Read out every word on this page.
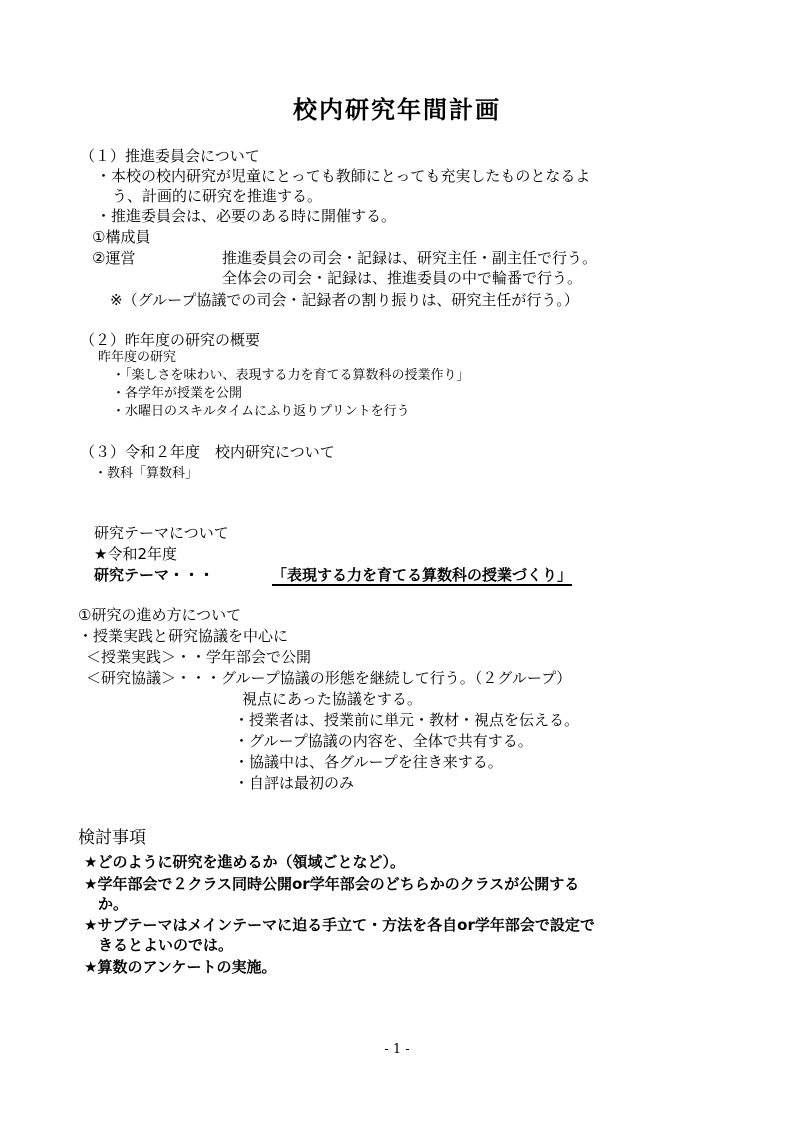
校内研究年間計画
（１）推進委員会について
・本校の校内研究が児童にとっても教師にとっても充実したものとなるよ
う、計画的に研究を推進する。
・推進委員会は、必要のある時に開催する。
①構成員
②運営	推進委員会の司会・記録は、研究主任・副主任で行う。
全体会の司会・記録は、推進委員の中で輪番で行う。
※（グループ協議での司会・記録者の割り振りは、研究主任が行う。）
（２）昨年度の研究の概要
昨年度の研究
・「楽しさを味わい、表現する力を育てる算数科の授業作り」
・各学年が授業を公開
・水曜日のスキルタイムにふり返りプリントを行う
（３）令和２年度　校内研究について
・教科「算数科」
研究テーマについて
★令和2年度
研究テーマ・・・	「表現する力を育てる算数科の授業づくり」
①研究の進め方について
・授業実践と研究協議を中心に
＜授業実践＞・・学年部会で公開
＜研究協議＞・・・グループ協議の形態を継続して行う。（２グループ）
視点にあった協議をする。
・授業者は、授業前に単元・教材・視点を伝える。
・グループ協議の内容を、全体で共有する。
・協議中は、各グループを往き来する。
・自評は最初のみ
検討事項
★どのように研究を進めるか（領域ごとなど）。
★学年部会で２クラス同時公開or学年部会のどちらかのクラスが公開する
か。
★サブテーマはメインテーマに迫る手立て・方法を各自or学年部会で設定で
きるとよいのでは。
★算数のアンケートの実施。
- 1 -
